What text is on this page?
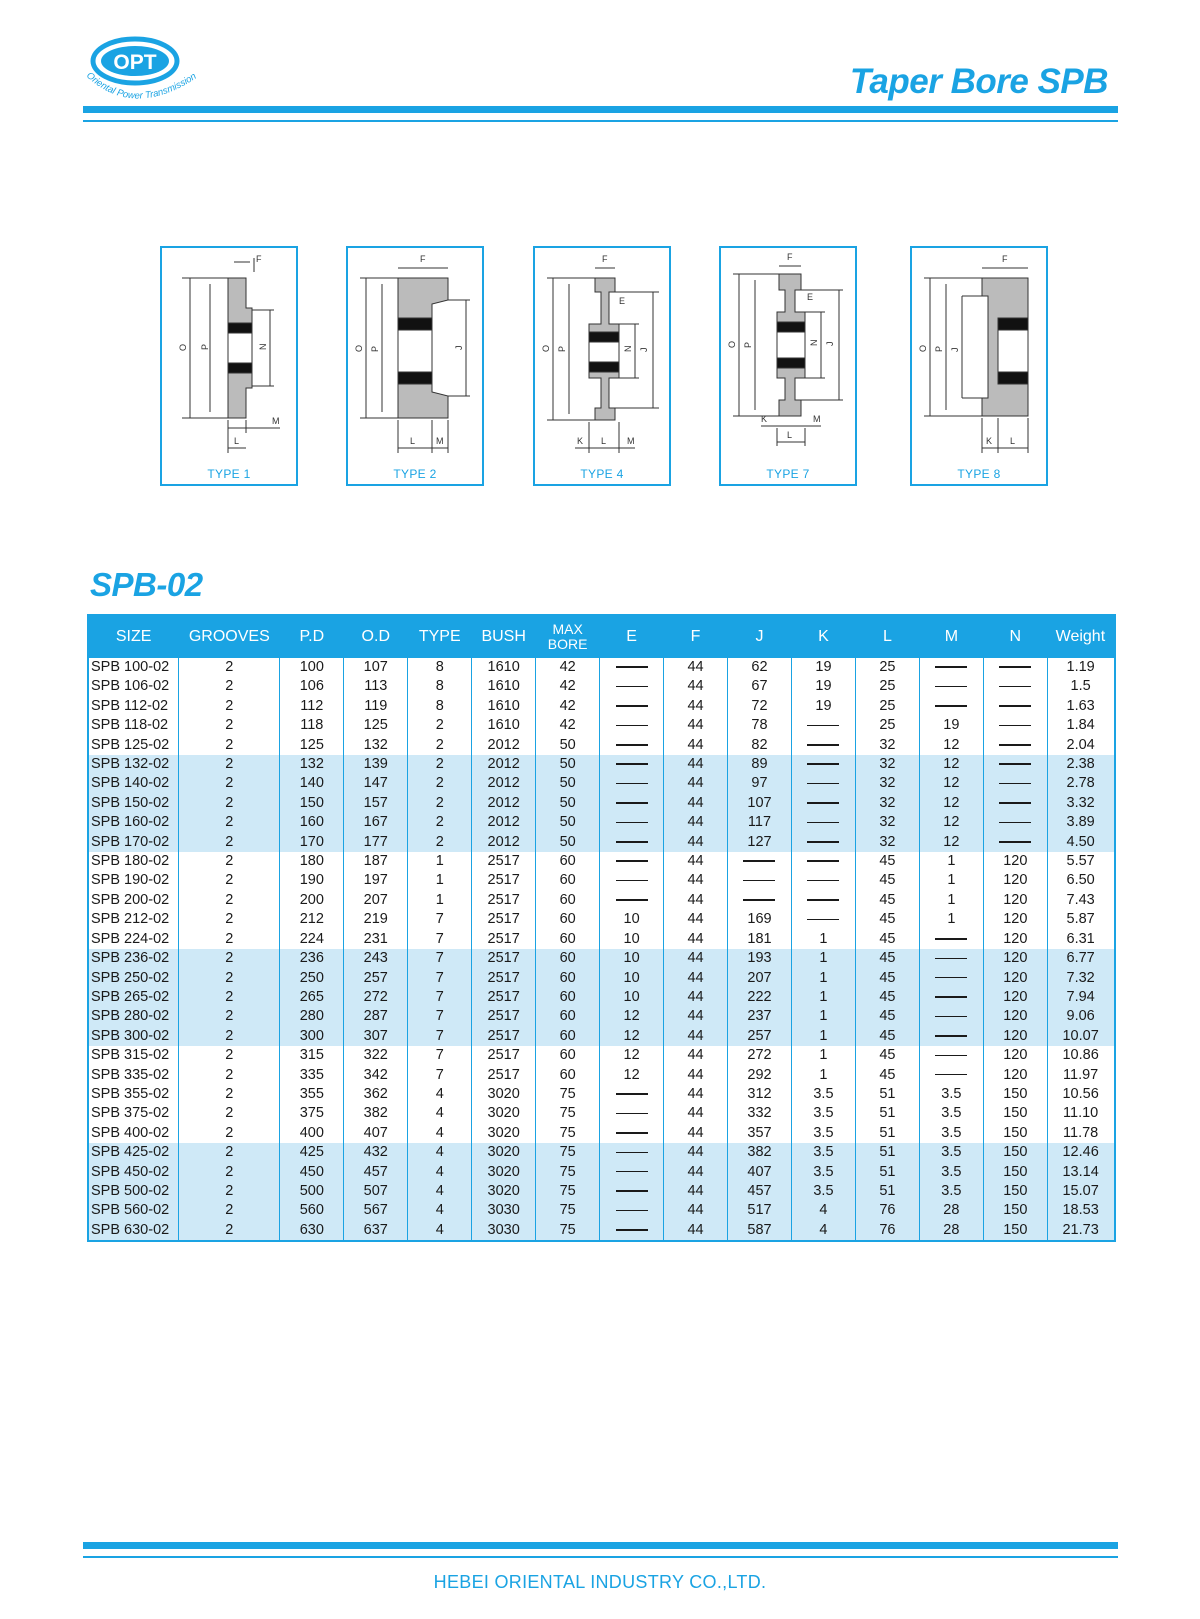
OPT
Oriental Power Transmission	Taper Bore SPB
F
O P	N
M
L
TYPE 1
F
O P	J
L M
TYPE 2
F
O P	N J
E
K L M
TYPE 4
F
O P	N J
E
K	M
L
TYPE 7
F
O P J
K L
TYPE 8
SPB-02
SIZE	GROOVES	P.D	O.D	TYPE	BUSH	MAX BORE	E	F	J	K	L	M	N	Weight
SPB 100-02	2	100	107	8	1610	42		44	62	19	25			1.19
SPB 106-02	2	106	113	8	1610	42		44	67	19	25			1.5
SPB 112-02	2	112	119	8	1610	42		44	72	19	25			1.63
SPB 118-02	2	118	125	2	1610	42		44	78		25	19		1.84
SPB 125-02	2	125	132	2	2012	50		44	82		32	12		2.04
SPB 132-02	2	132	139	2	2012	50		44	89		32	12		2.38
SPB 140-02	2	140	147	2	2012	50		44	97		32	12		2.78
SPB 150-02	2	150	157	2	2012	50		44	107		32	12		3.32
SPB 160-02	2	160	167	2	2012	50		44	117		32	12		3.89
SPB 170-02	2	170	177	2	2012	50		44	127		32	12		4.50
SPB 180-02	2	180	187	1	2517	60		44			45	1	120	5.57
SPB 190-02	2	190	197	1	2517	60		44			45	1	120	6.50
SPB 200-02	2	200	207	1	2517	60		44			45	1	120	7.43
SPB 212-02	2	212	219	7	2517	60	10	44	169		45	1	120	5.87
SPB 224-02	2	224	231	7	2517	60	10	44	181	1	45		120	6.31
SPB 236-02	2	236	243	7	2517	60	10	44	193	1	45		120	6.77
SPB 250-02	2	250	257	7	2517	60	10	44	207	1	45		120	7.32
SPB 265-02	2	265	272	7	2517	60	10	44	222	1	45		120	7.94
SPB 280-02	2	280	287	7	2517	60	12	44	237	1	45		120	9.06
SPB 300-02	2	300	307	7	2517	60	12	44	257	1	45		120	10.07
SPB 315-02	2	315	322	7	2517	60	12	44	272	1	45		120	10.86
SPB 335-02	2	335	342	7	2517	60	12	44	292	1	45		120	11.97
SPB 355-02	2	355	362	4	3020	75		44	312	3.5	51	3.5	150	10.56
SPB 375-02	2	375	382	4	3020	75		44	332	3.5	51	3.5	150	11.10
SPB 400-02	2	400	407	4	3020	75		44	357	3.5	51	3.5	150	11.78
SPB 425-02	2	425	432	4	3020	75		44	382	3.5	51	3.5	150	12.46
SPB 450-02	2	450	457	4	3020	75		44	407	3.5	51	3.5	150	13.14
SPB 500-02	2	500	507	4	3020	75		44	457	3.5	51	3.5	150	15.07
SPB 560-02	2	560	567	4	3030	75		44	517	4	76	28	150	18.53
SPB 630-02	2	630	637	4	3030	75		44	587	4	76	28	150	21.73
HEBEI ORIENTAL INDUSTRY CO.,LTD.
